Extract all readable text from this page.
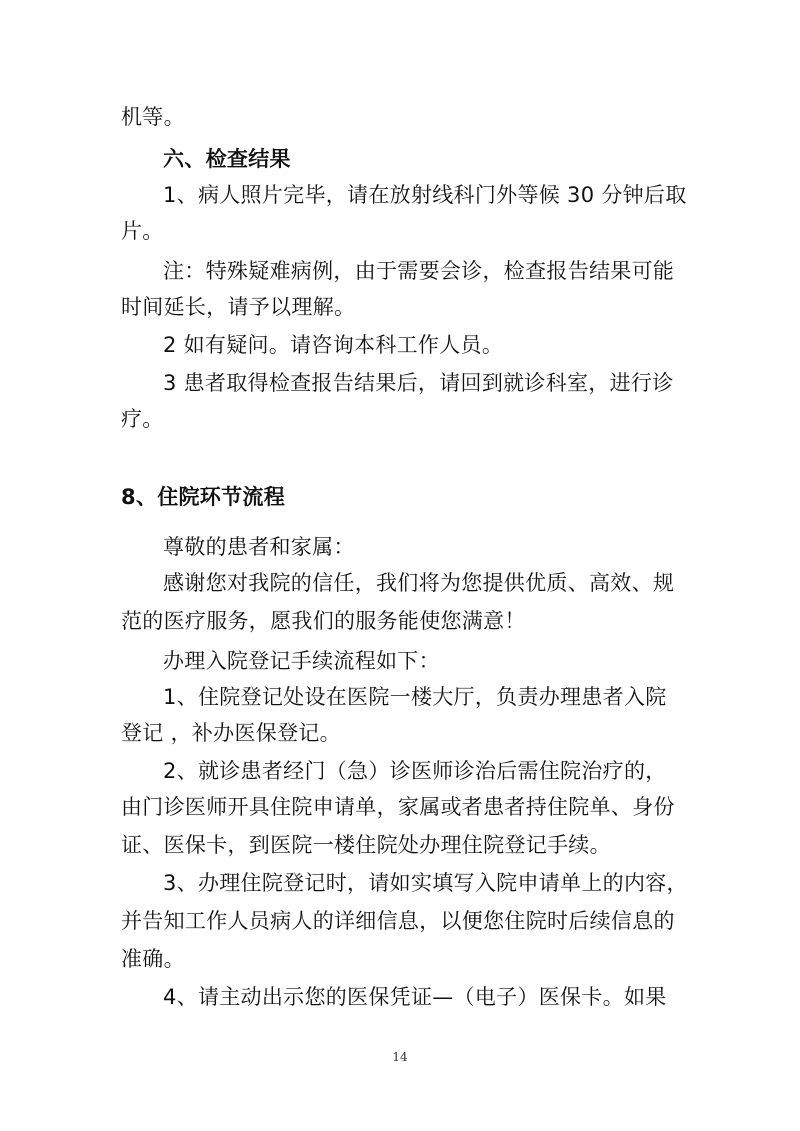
机等。
六、检查结果
1、病人照片完毕，请在放射线科门外等候 30 分钟后取
片。
注：特殊疑难病例，由于需要会诊，检查报告结果可能
时间延长，请予以理解。
2 如有疑问。请咨询本科工作人员。
3 患者取得检查报告结果后，请回到就诊科室，进行诊
疗。
8、住院环节流程
尊敬的患者和家属：
感谢您对我院的信任，我们将为您提供优质、高效、规
范的医疗服务，愿我们的服务能使您满意！
办理入院登记手续流程如下：
1、住院登记处设在医院一楼大厅，负责办理患者入院
登记 ，补办医保登记。
2、就诊患者经门（急）诊医师诊治后需住院治疗的，
由门诊医师开具住院申请单，家属或者患者持住院单、身份
证、医保卡，到医院一楼住院处办理住院登记手续。
3、办理住院登记时，请如实填写入院申请单上的内容，
并告知工作人员病人的详细信息，以便您住院时后续信息的
准确。
4、请主动出示您的医保凭证—（电子）医保卡。如果
14
